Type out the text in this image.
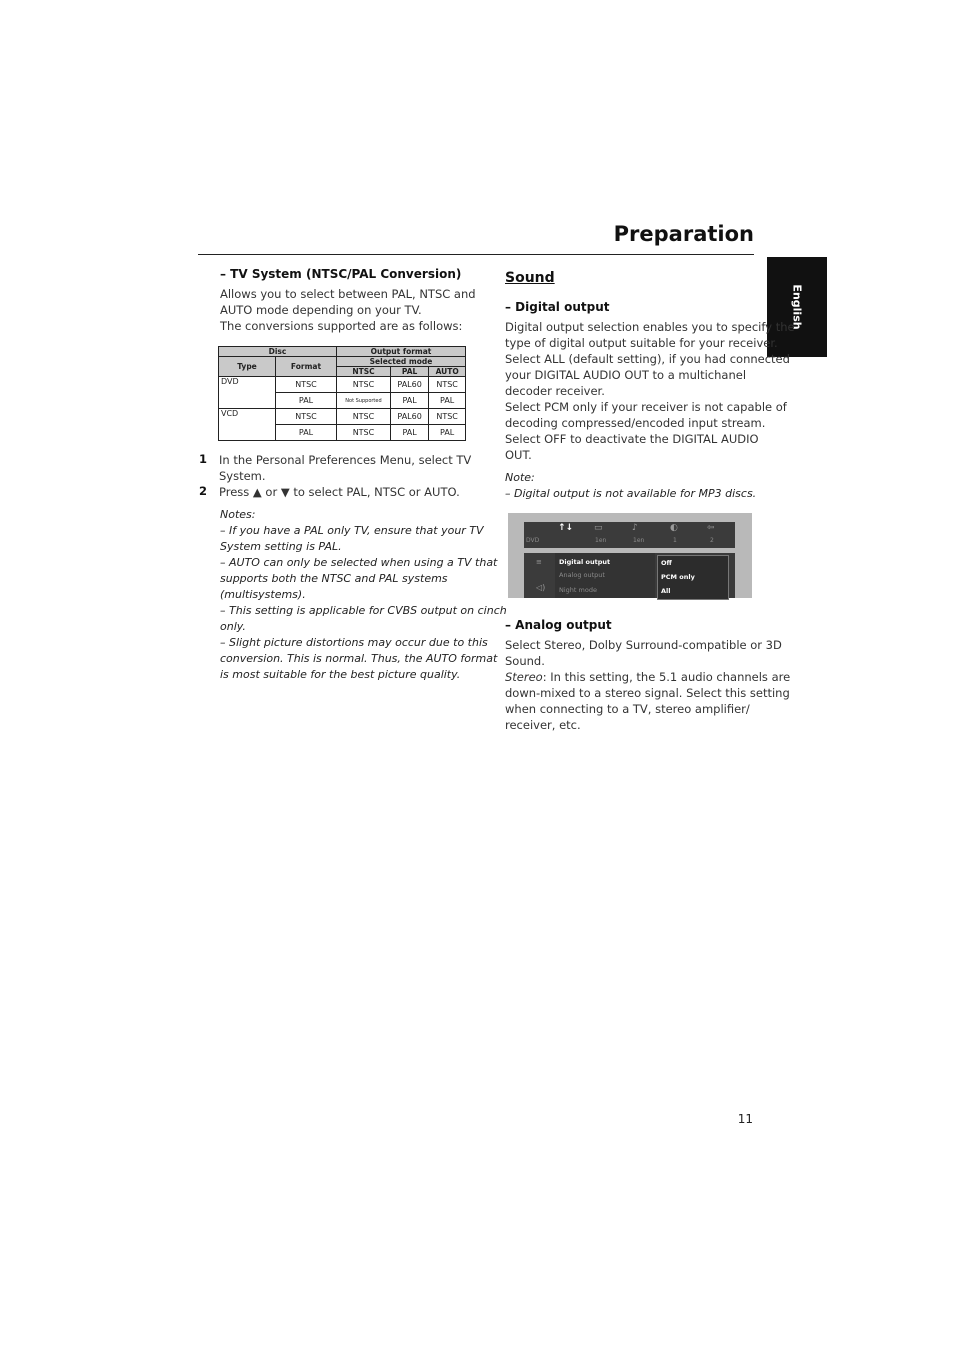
Preparation
English
– TV System (NTSC/PAL Conversion)
Allows you to select between PAL, NTSC and
AUTO mode depending on your TV.
The conversions supported are as follows:
Disc		Output format		
Type	Format	Selected mode		
		NTSC	PAL	AUTO
DVD	NTSC	NTSC	PAL60	NTSC
	PAL	Not Supported	PAL	PAL
VCD	NTSC	NTSC	PAL60	NTSC
	PAL	NTSC	PAL	PAL
1 In the Personal Preferences Menu, select TV
System.
2 Press ▲ or ▼ to select PAL, NTSC or AUTO.
Notes:
– If you have a PAL only TV, ensure that your TV
System setting is PAL.
– AUTO can only be selected when using a TV that
supports both the NTSC and PAL systems
(multisystems).
– This setting is applicable for CVBS output on cinch
only.
– Slight picture distortions may occur due to this
conversion. This is normal. Thus, the AUTO format
is most suitable for the best picture quality.
Sound
– Digital output
Digital output selection enables you to specify the
type of digital output suitable for your receiver.
Select ALL (default setting), if you had connected
your DIGITAL AUDIO OUT to a multichanel
decoder receiver.
Select PCM only if your receiver is not capable of
decoding compressed/encoded input stream.
Select OFF to deactivate the DIGITAL AUDIO
OUT.
Note:
– Digital output is not available for MP3 discs.
↑↓ ▭	♪	◐	⇦
DVD	1en	1en	1	2
≡
◁)
Digital output
Analog output
Night mode
Off
PCM only
All
– Analog output
Select Stereo, Dolby Surround-compatible or 3D
Sound.
Stereo: In this setting, the 5.1 audio channels are
down-mixed to a stereo signal. Select this setting
when connecting to a TV, stereo amplifier/
receiver, etc.
11
